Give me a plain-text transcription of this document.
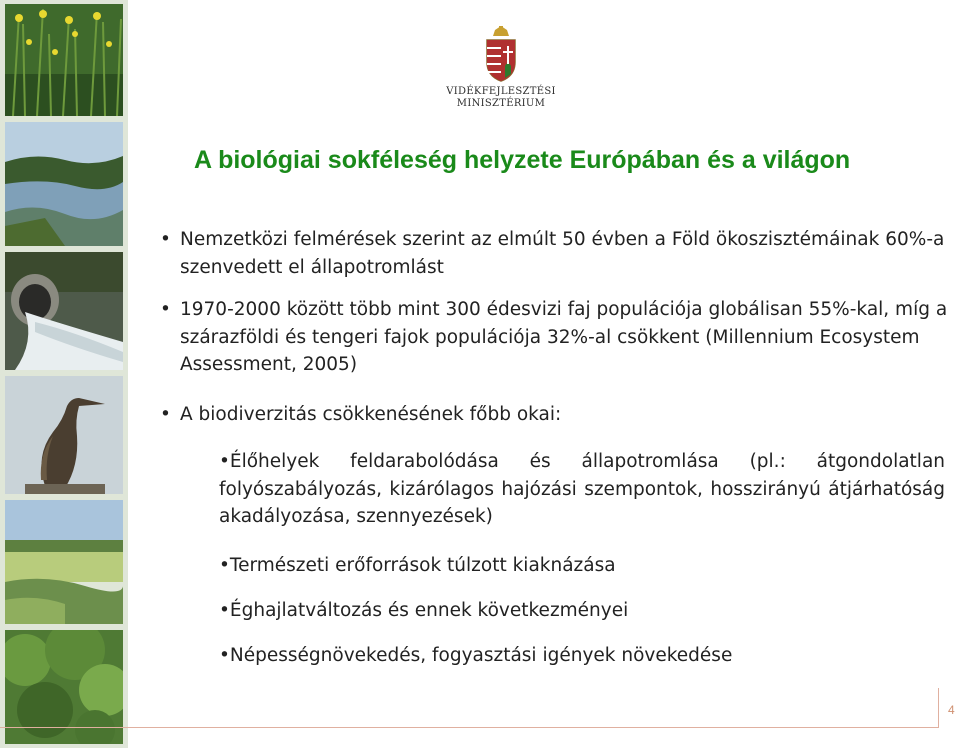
VIDÉKFEJLESZTÉSI
MINISZTÉRIUM
A biológiai sokféleség helyzete Európában és a világon
• Nemzetközi felmérések szerint az elmúlt 50 évben a Föld ökoszisztémáinak 60%-a szenvedett el állapotromlást
• 1970-2000 között több mint 300 édesvizi faj populációja globálisan 55%-kal, míg a szárazföldi és tengeri fajok populációja 32%-al csökkent (Millennium Ecosystem Assessment, 2005)
• A biodiverzitás csökkenésének főbb okai:
•Élőhelyek feldarabolódása és állapotromlása (pl.: átgondolatlan folyószabályozás, kizárólagos hajózási szempontok, hosszirányú átjárhatóság akadályozása, szennyezések)
•Természeti erőforrások túlzott kiaknázása
•Éghajlatváltozás és ennek következményei
•Népességnövekedés, fogyasztási igények növekedése
4
